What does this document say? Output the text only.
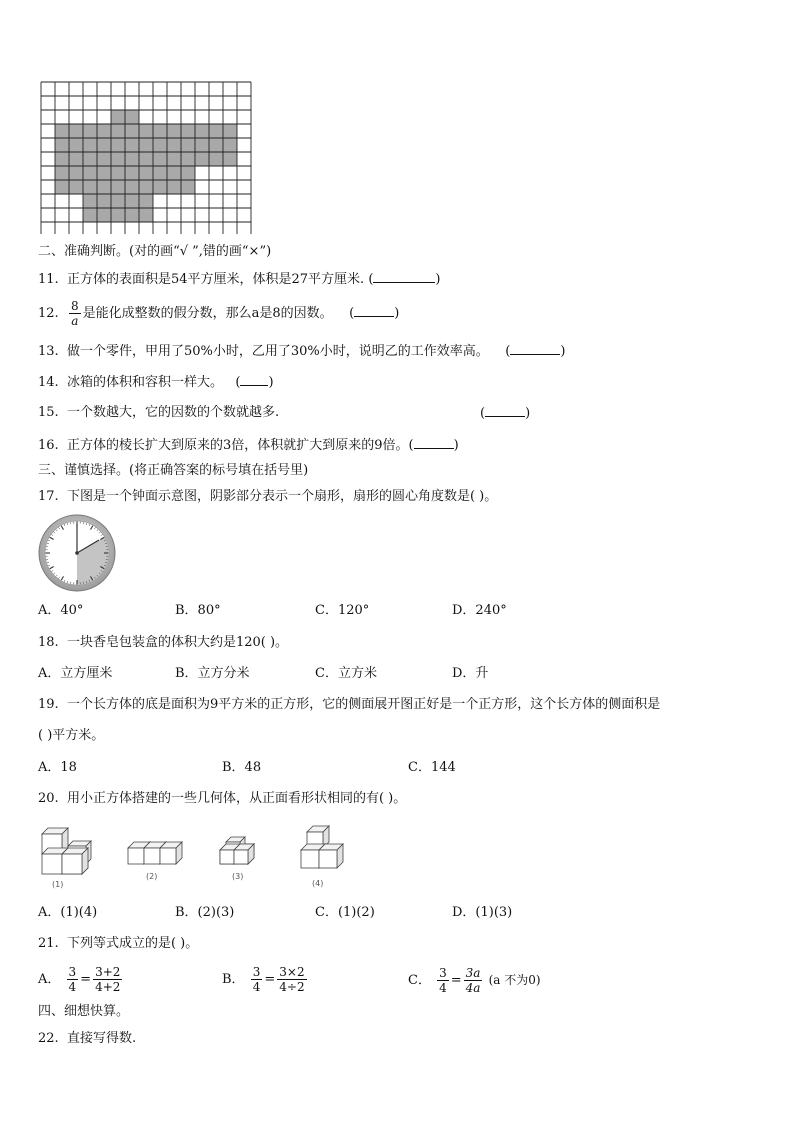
二、准确判断。(对的画“√ ”,错的画“×”)
11. 正方体的表面积是54平方厘米，体积是27平方厘米. (	)
12. $\frac{8}{a}$ 是能化成整数的假分数，那么a是8的因数。 (	)
13. 做一个零件，甲用了50%小时，乙用了30%小时，说明乙的工作效率高。 (	)
14. 冰箱的体积和容积一样大。 ( )
15. 一个数越大，它的因数的个数就越多.	(	)
16. 正方体的棱长扩大到原来的3倍，体积就扩大到原来的9倍。(	)
三、谨慎选择。(将正确答案的标号填在括号里)
17. 下图是一个钟面示意图，阴影部分表示一个扇形，扇形的圆心角度数是( )。
A．40°	B．80°	C．120°	D．240°
18. 一块香皂包装盒的体积大约是120( )。
A．立方厘米	B．立方分米	C．立方米	D．升
19. 一个长方体的底是面积为9平方米的正方形，它的侧面展开图正好是一个正方形，这个长方体的侧面积是
( )平方米。
A．18	B．48	C．144
20. 用小正方体搭建的一些几何体，从正面看形状相同的有( )。
(1)
(2)	(3)
(4)
A．(1)(4)	B．(2)(3)	C．(1)(2)	D．(1)(3)
21. 下列等式成立的是( )。
A． $\frac{3}{4} = \frac{3+2}{4+2}$	B． $\frac{3}{4} = \frac{3\times 2}{4\div 2}$	C． $\frac{3}{4} = \frac{3a}{4a} (a$ 不为0)
四、细想快算。
22. 直接写得数.
